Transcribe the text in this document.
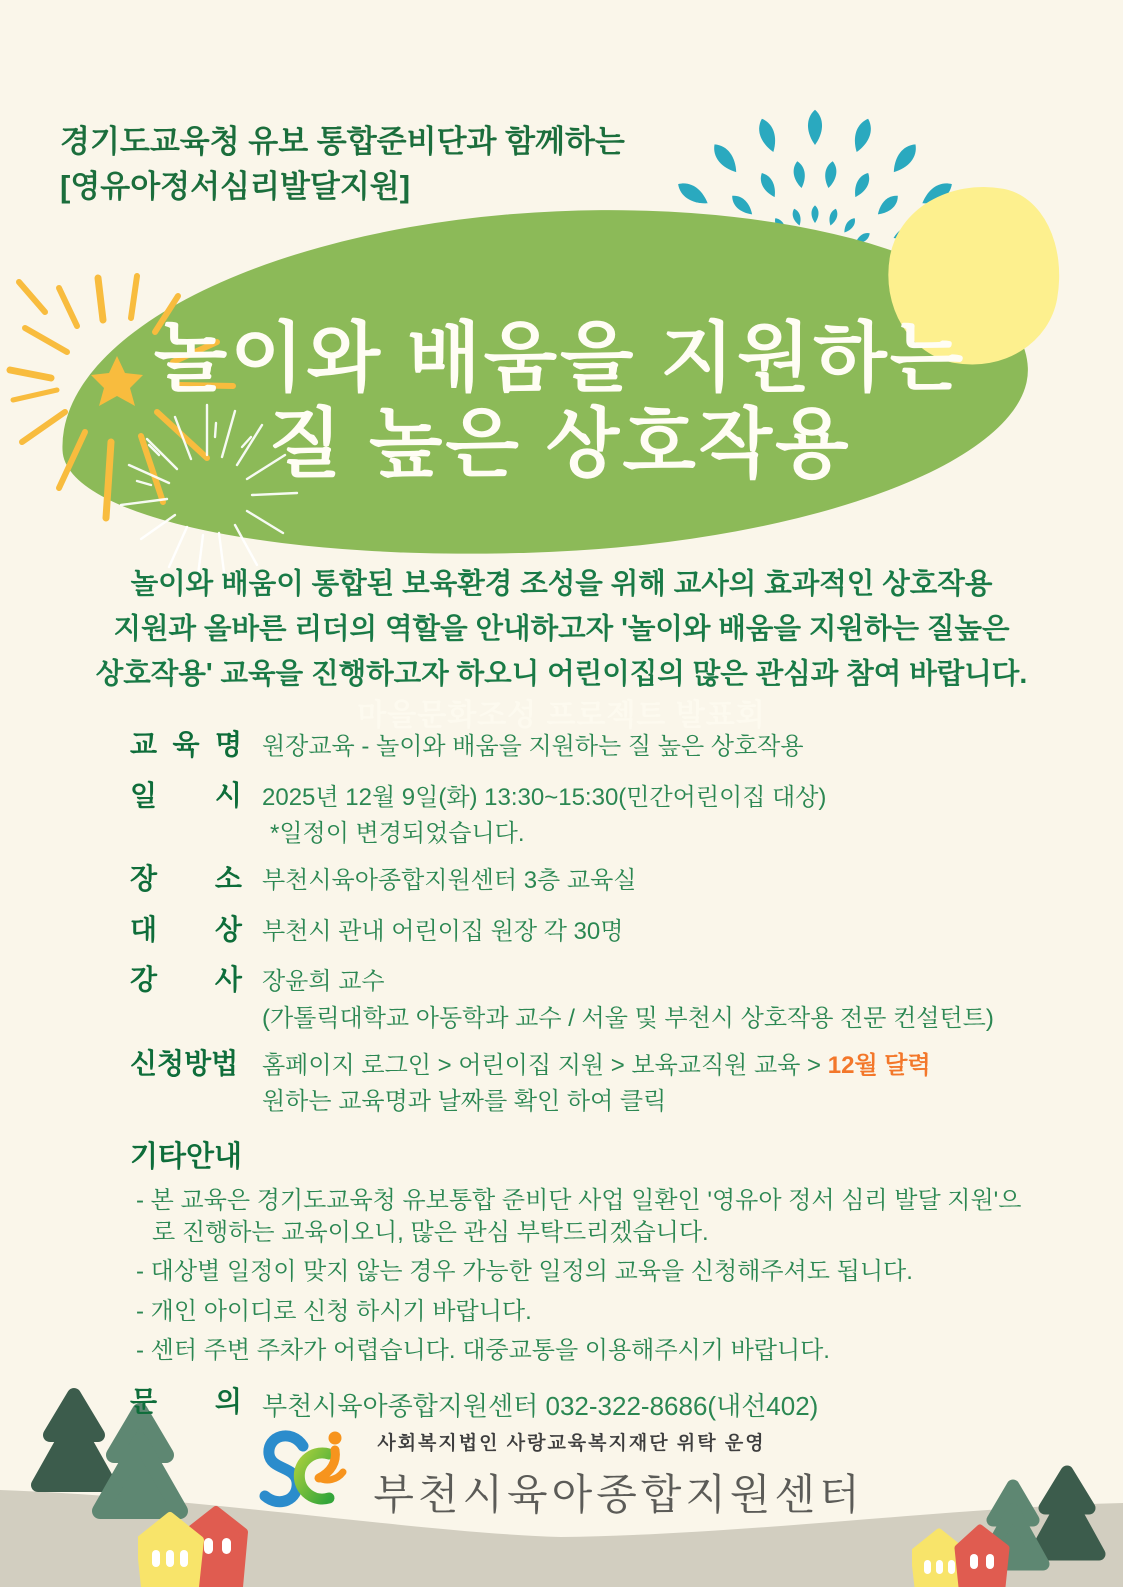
경기도교육청 유보 통합준비단과 함께하는
[영유아정서심리발달지원]
놀이와 배움을 지원하는
질 높은 상호작용
놀이와 배움이 통합된 보육환경 조성을 위해 교사의 효과적인 상호작용
지원과 올바른 리더의 역할을 안내하고자 '놀이와 배움을 지원하는 질높은
상호작용' 교육을 진행하고자 하오니 어린이집의 많은 관심과 참여 바랍니다.
마을문화조성 프로젝트 발표회
교 육 명 원장교육 - 놀이와 배움을 지원하는 질 높은 상호작용
일 시 2025년 12월 9일(화) 13:30~15:30(민간어린이집 대상)
*일정이 변경되었습니다.
장 소 부천시육아종합지원센터 3층 교육실
대 상 부천시 관내 어린이집 원장 각 30명
강 사 장윤희 교수
(가톨릭대학교 아동학과 교수 / 서울 및 부천시 상호작용 전문 컨설턴트)
신청방법 홈페이지 로그인 > 어린이집 지원 > 보육교직원 교육 > 12월 달력
원하는 교육명과 날짜를 확인 하여 클릭
기타안내
- 본 교육은 경기도교육청 유보통합 준비단 사업 일환인 '영유아 정서 심리 발달 지원'으로 진행하는 교육이오니, 많은 관심 부탁드리겠습니다.
- 대상별 일정이 맞지 않는 경우 가능한 일정의 교육을 신청해주셔도 됩니다.
- 개인 아이디로 신청 하시기 바랍니다.
- 센터 주변 주차가 어렵습니다. 대중교통을 이용해주시기 바랍니다.
문 의 부천시육아종합지원센터 032-322-8686(내선402)
사회복지법인 사랑교육복지재단 위탁 운영
부천시육아종합지원센터
